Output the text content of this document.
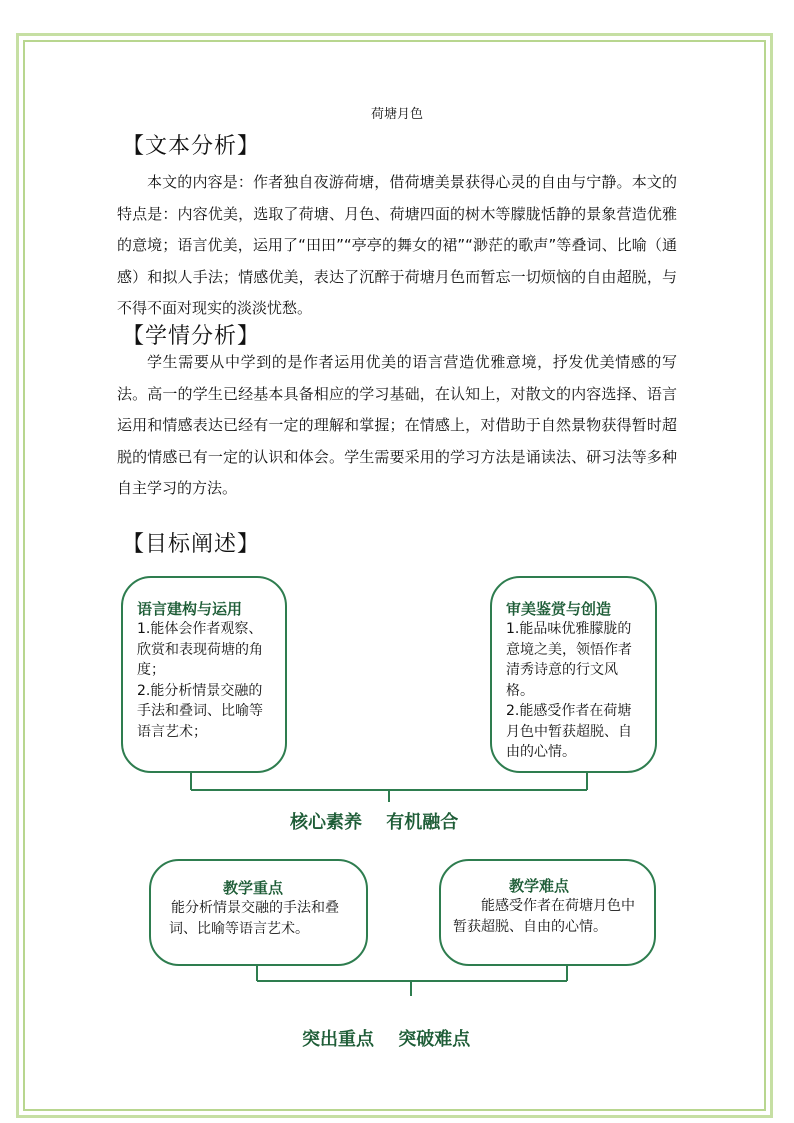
荷塘月色
【文本分析】
本文的内容是：作者独自夜游荷塘，借荷塘美景获得心灵的自由与宁静。本文的特点是：内容优美，选取了荷塘、月色、荷塘四面的树木等朦胧恬静的景象营造优雅的意境；语言优美，运用了“田田”“亭亭的舞女的裙”“渺茫的歌声”等叠词、比喻（通感）和拟人手法；情感优美，表达了沉醉于荷塘月色而暂忘一切烦恼的自由超脱，与不得不面对现实的淡淡忧愁。
【学情分析】
学生需要从中学到的是作者运用优美的语言营造优雅意境，抒发优美情感的写法。高一的学生已经基本具备相应的学习基础，在认知上，对散文的内容选择、语言运用和情感表达已经有一定的理解和掌握；在情感上，对借助于自然景物获得暂时超脱的情感已有一定的认识和体会。学生需要采用的学习方法是诵读法、研习法等多种自主学习的方法。
【目标阐述】
语言建构与运用
1.能体会作者观察、欣赏和表现荷塘的角度；
2.能分析情景交融的手法和叠词、比喻等语言艺术；
审美鉴赏与创造
1.能品味优雅朦胧的意境之美，领悟作者清秀诗意的行文风格。
2.能感受作者在荷塘月色中暂获超脱、自由的心情。
核心素养　 有机融合
教学重点
能分析情景交融的手法和叠词、比喻等语言艺术。
教学难点
能感受作者在荷塘月色中暂获超脱、自由的心情。
突出重点　 突破难点
